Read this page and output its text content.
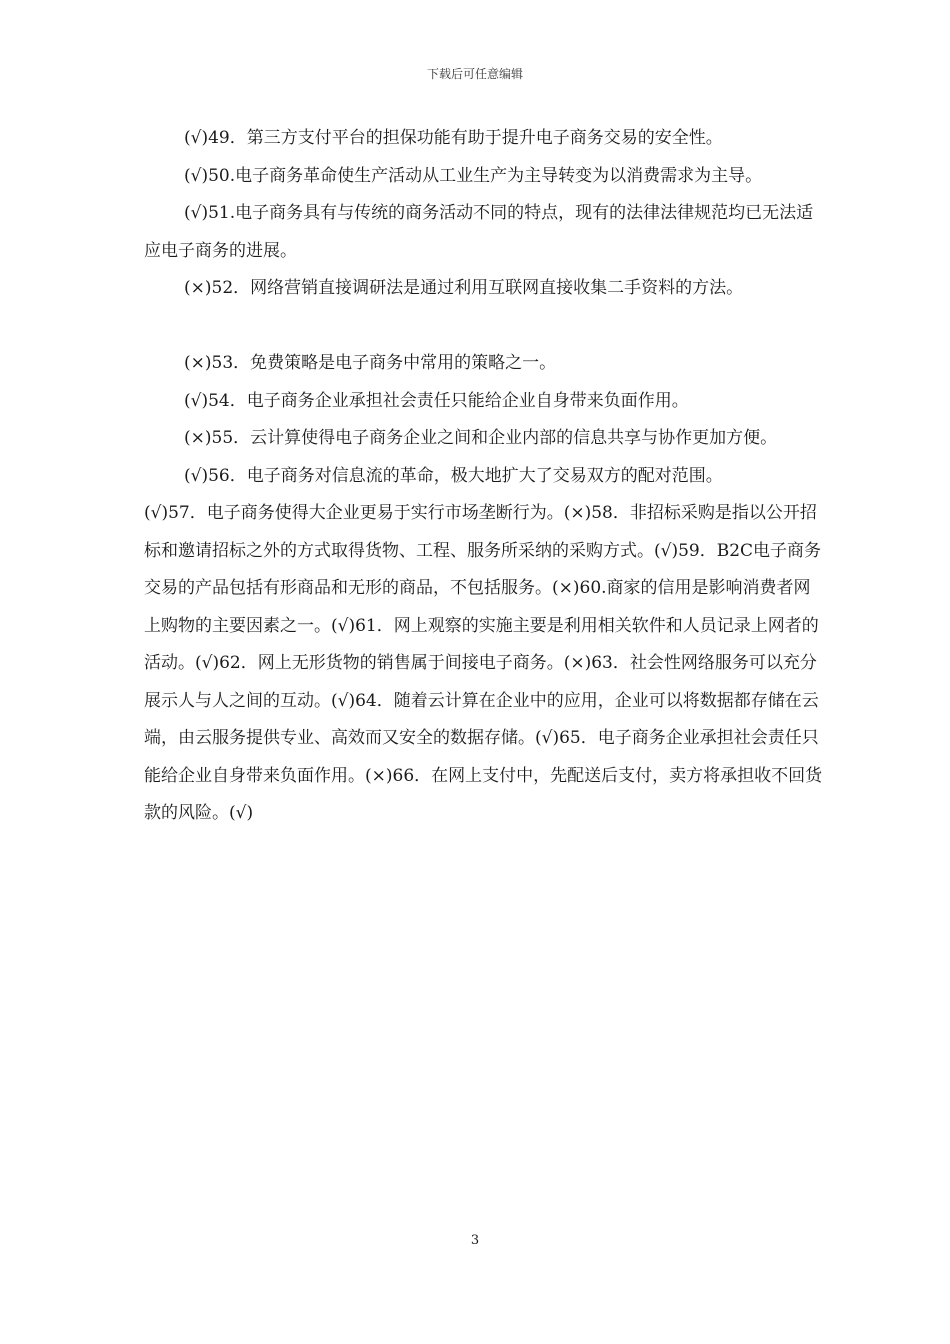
下载后可任意编辑

(√)49．第三方支付平台的担保功能有助于提升电子商务交易的安全性。

(√)50.电子商务革命使生产活动从工业生产为主导转变为以消费需求为主导。

(√)51.电子商务具有与传统的商务活动不同的特点，现有的法律法律规范均已无法适应电子商务的进展。

(×)52．网络营销直接调研法是通过利用互联网直接收集二手资料的方法。

(×)53．免费策略是电子商务中常用的策略之一。

(√)54．电子商务企业承担社会责任只能给企业自身带来负面作用。

(×)55．云计算使得电子商务企业之间和企业内部的信息共享与协作更加方便。

(√)56．电子商务对信息流的革命，极大地扩大了交易双方的配对范围。

(√)57．电子商务使得大企业更易于实行市场垄断行为。(×)58．非招标采购是指以公开招标和邀请招标之外的方式取得货物、工程、服务所采纳的采购方式。(√)59．B2C电子商务交易的产品包括有形商品和无形的商品，不包括服务。(×)60.商家的信用是影响消费者网上购物的主要因素之一。(√)61．网上观察的实施主要是利用相关软件和人员记录上网者的活动。(√)62．网上无形货物的销售属于间接电子商务。(×)63．社会性网络服务可以充分展示人与人之间的互动。(√)64．随着云计算在企业中的应用，企业可以将数据都存储在云端，由云服务提供专业、高效而又安全的数据存储。(√)65．电子商务企业承担社会责任只能给企业自身带来负面作用。(×)66．在网上支付中，先配送后支付，卖方将承担收不回货款的风险。(√)

3
